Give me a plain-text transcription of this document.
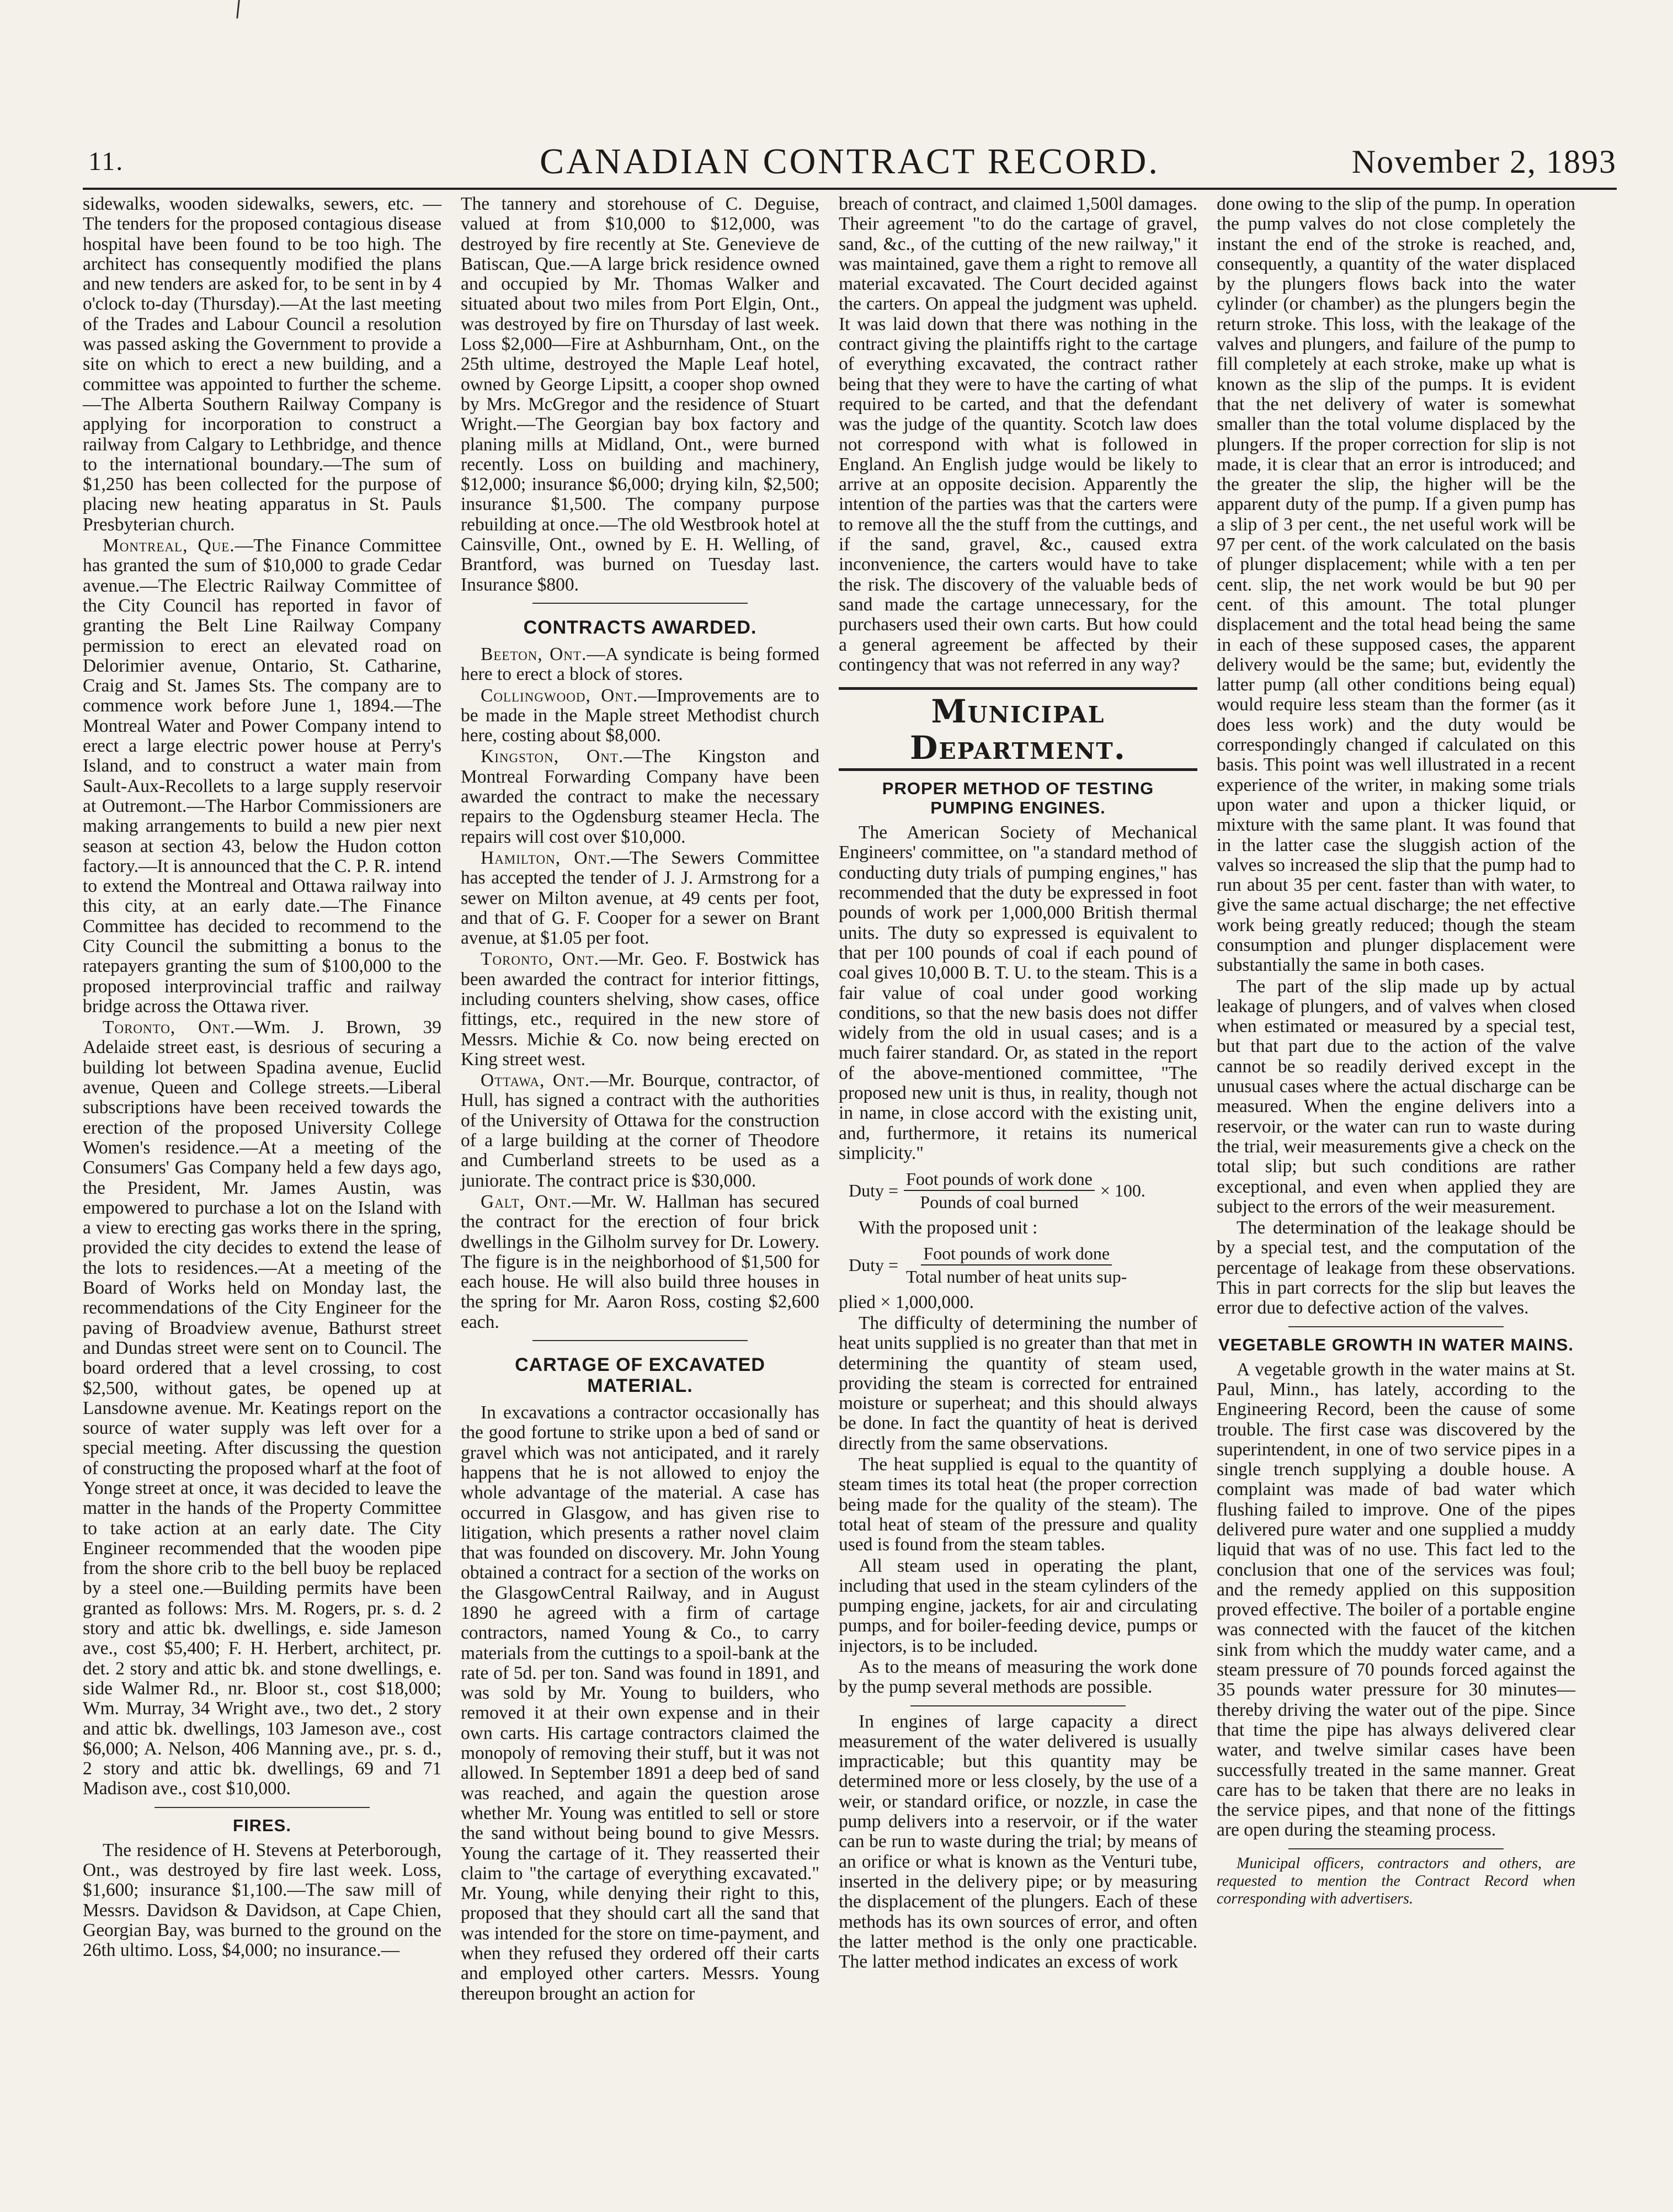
11.	CANADIAN CONTRACT RECORD.	November 2, 1893

sidewalks, wooden sidewalks, sewers, etc. —The tenders for the proposed contagious disease hospital have been found to be too high. The architect has consequently modified the plans and new tenders are asked for, to be sent in by 4 o'clock to-day (Thursday).—At the last meeting of the Trades and Labour Council a resolution was passed asking the Government to provide a site on which to erect a new building, and a committee was appointed to further the scheme.—The Alberta Southern Railway Company is applying for incorporation to construct a railway from Calgary to Lethbridge, and thence to the international boundary.—The sum of $1,250 has been collected for the purpose of placing new heating apparatus in St. Pauls Presbyterian church.

Montreal, Que.—The Finance Committee has granted the sum of $10,000 to grade Cedar avenue.—The Electric Railway Committee of the City Council has reported in favor of granting the Belt Line Railway Company permission to erect an elevated road on Delorimier avenue, Ontario, St. Catharine, Craig and St. James Sts. The company are to commence work before June 1, 1894.—The Montreal Water and Power Company intend to erect a large electric power house at Perry's Island, and to construct a water main from Sault-Aux-Recollets to a large supply reservoir at Outremont.—The Harbor Commissioners are making arrangements to build a new pier next season at section 43, below the Hudon cotton factory.—It is announced that the C. P. R. intend to extend the Montreal and Ottawa railway into this city, at an early date.—The Finance Committee has decided to recommend to the City Council the submitting a bonus to the ratepayers granting the sum of $100,000 to the proposed interprovincial traffic and railway bridge across the Ottawa river.

Toronto, Ont.—Wm. J. Brown, 39 Adelaide street east, is desrious of securing a building lot between Spadina avenue, Euclid avenue, Queen and College streets.—Liberal subscriptions have been received towards the erection of the proposed University College Women's residence.—At a meeting of the Consumers' Gas Company held a few days ago, the President, Mr. James Austin, was empowered to purchase a lot on the Island with a view to erecting gas works there in the spring, provided the city decides to extend the lease of the lots to residences.—At a meeting of the Board of Works held on Monday last, the recommendations of the City Engineer for the paving of Broadview avenue, Bathurst street and Dundas street were sent on to Council. The board ordered that a level crossing, to cost $2,500, without gates, be opened up at Lansdowne avenue. Mr. Keatings report on the source of water supply was left over for a special meeting. After discussing the question of constructing the proposed wharf at the foot of Yonge street at once, it was decided to leave the matter in the hands of the Property Committee to take action at an early date. The City Engineer recommended that the wooden pipe from the shore crib to the bell buoy be replaced by a steel one.—Building permits have been granted as follows: Mrs. M. Rogers, pr. s. d. 2 story and attic bk. dwellings, e. side Jameson ave., cost $5,400; F. H. Herbert, architect, pr. det. 2 story and attic bk. and stone dwellings, e. side Walmer Rd., nr. Bloor st., cost $18,000; Wm. Murray, 34 Wright ave., two det., 2 story and attic bk. dwellings, 103 Jameson ave., cost $6,000; A. Nelson, 406 Manning ave., pr. s. d., 2 story and attic bk. dwellings, 69 and 71 Madison ave., cost $10,000.

FIRES.

The residence of H. Stevens at Peterborough, Ont., was destroyed by fire last week. Loss, $1,600; insurance $1,100.—The saw mill of Messrs. Davidson & Davidson, at Cape Chien, Georgian Bay, was burned to the ground on the 26th ultimo. Loss, $4,000; no insurance.—

The tannery and storehouse of C. Deguise, valued at from $10,000 to $12,000, was destroyed by fire recently at Ste. Genevieve de Batiscan, Que.—A large brick residence owned and occupied by Mr. Thomas Walker and situated about two miles from Port Elgin, Ont., was destroyed by fire on Thursday of last week. Loss $2,000—Fire at Ashburnham, Ont., on the 25th ultime, destroyed the Maple Leaf hotel, owned by George Lipsitt, a cooper shop owned by Mrs. McGregor and the residence of Stuart Wright.—The Georgian bay box factory and planing mills at Midland, Ont., were burned recently. Loss on building and machinery, $12,000; insurance $6,000; drying kiln, $2,500; insurance $1,500. The company purpose rebuilding at once.—The old Westbrook hotel at Cainsville, Ont., owned by E. H. Welling, of Brantford, was burned on Tuesday last. Insurance $800.

CONTRACTS AWARDED.

Beeton, Ont.—A syndicate is being formed here to erect a block of stores.

Collingwood, Ont.—Improvements are to be made in the Maple street Methodist church here, costing about $8,000.

Kingston, Ont.—The Kingston and Montreal Forwarding Company have been awarded the contract to make the necessary repairs to the Ogdensburg steamer Hecla. The repairs will cost over $10,000.

Hamilton, Ont.—The Sewers Committee has accepted the tender of J. J. Armstrong for a sewer on Milton avenue, at 49 cents per foot, and that of G. F. Cooper for a sewer on Brant avenue, at $1.05 per foot.

Toronto, Ont.—Mr. Geo. F. Bostwick has been awarded the contract for interior fittings, including counters shelving, show cases, office fittings, etc., required in the new store of Messrs. Michie & Co. now being erected on King street west.

Ottawa, Ont.—Mr. Bourque, contractor, of Hull, has signed a contract with the authorities of the University of Ottawa for the construction of a large building at the corner of Theodore and Cumberland streets to be used as a juniorate. The contract price is $30,000.

Galt, Ont.—Mr. W. Hallman has secured the contract for the erection of four brick dwellings in the Gilholm survey for Dr. Lowery. The figure is in the neighborhood of $1,500 for each house. He will also build three houses in the spring for Mr. Aaron Ross, costing $2,600 each.

CARTAGE OF EXCAVATED MATERIAL.

In excavations a contractor occasionally has the good fortune to strike upon a bed of sand or gravel which was not anticipated, and it rarely happens that he is not allowed to enjoy the whole advantage of the material. A case has occurred in Glasgow, and has given rise to litigation, which presents a rather novel claim that was founded on discovery. Mr. John Young obtained a contract for a section of the works on the GlasgowCentral Railway, and in August 1890 he agreed with a firm of cartage contractors, named Young & Co., to carry materials from the cuttings to a spoil-bank at the rate of 5d. per ton. Sand was found in 1891, and was sold by Mr. Young to builders, who removed it at their own expense and in their own carts. His cartage contractors claimed the monopoly of removing their stuff, but it was not allowed. In September 1891 a deep bed of sand was reached, and again the question arose whether Mr. Young was entitled to sell or store the sand without being bound to give Messrs. Young the cartage of it. They reasserted their claim to "the cartage of everything excavated." Mr. Young, while denying their right to this, proposed that they should cart all the sand that was intended for the store on time-payment, and when they refused they ordered off their carts and employed other carters. Messrs. Young thereupon brought an action for

breach of contract, and claimed 1,500l damages. Their agreement "to do the cartage of gravel, sand, &c., of the cutting of the new railway," it was maintained, gave them a right to remove all material excavated. The Court decided against the carters. On appeal the judgment was upheld. It was laid down that there was nothing in the contract giving the plaintiffs right to the cartage of everything excavated, the contract rather being that they were to have the carting of what required to be carted, and that the defendant was the judge of the quantity. Scotch law does not correspond with what is followed in England. An English judge would be likely to arrive at an opposite decision. Apparently the intention of the parties was that the carters were to remove all the the stuff from the cuttings, and if the sand, gravel, &c., caused extra inconvenience, the carters would have to take the risk. The discovery of the valuable beds of sand made the cartage unnecessary, for the purchasers used their own carts. But how could a general agreement be affected by their contingency that was not referred in any way?

Municipal Department.
PROPER METHOD OF TESTING PUMPING ENGINES.

The American Society of Mechanical Engineers' committee, on "a standard method of conducting duty trials of pumping engines," has recommended that the duty be expressed in foot pounds of work per 1,000,000 British thermal units. The duty so expressed is equivalent to that per 100 pounds of coal if each pound of coal gives 10,000 B. T. U. to the steam. This is a fair value of coal under good working conditions, so that the new basis does not differ widely from the old in usual cases; and is a much fairer standard. Or, as stated in the report of the above-mentioned committee, "The proposed new unit is thus, in reality, though not in name, in close accord with the existing unit, and, furthermore, it retains its numerical simplicity."

Duty = $\frac{\text{Foot pounds of work done}}{\text{Pounds of coal burned}} \times 100$.

With the proposed unit :

Duty = $\frac{\text{Foot pounds of work done}}{\text{Total number of heat units sup-}}$

plied × 1,000,000.

The difficulty of determining the number of heat units supplied is no greater than that met in determining the quantity of steam used, providing the steam is corrected for entrained moisture or superheat; and this should always be done. In fact the quantity of heat is derived directly from the same observations.

The heat supplied is equal to the quantity of steam times its total heat (the proper correction being made for the quality of the steam). The total heat of steam of the pressure and quality used is found from the steam tables.

All steam used in operating the plant, including that used in the steam cylinders of the pumping engine, jackets, for air and circulating pumps, and for boiler-feeding device, pumps or injectors, is to be included.

As to the means of measuring the work done by the pump several methods are possible.

In engines of large capacity a direct measurement of the water delivered is usually impracticable; but this quantity may be determined more or less closely, by the use of a weir, or standard orifice, or nozzle, in case the pump delivers into a reservoir, or if the water can be run to waste during the trial; by means of an orifice or what is known as the Venturi tube, inserted in the delivery pipe; or by measuring the displacement of the plungers. Each of these methods has its own sources of error, and often the latter method is the only one practicable. The latter method indicates an excess of work

done owing to the slip of the pump. In operation the pump valves do not close completely the instant the end of the stroke is reached, and, consequently, a quantity of the water displaced by the plungers flows back into the water cylinder (or chamber) as the plungers begin the return stroke. This loss, with the leakage of the valves and plungers, and failure of the pump to fill completely at each stroke, make up what is known as the slip of the pumps. It is evident that the net delivery of water is somewhat smaller than the total volume displaced by the plungers. If the proper correction for slip is not made, it is clear that an error is introduced; and the greater the slip, the higher will be the apparent duty of the pump. If a given pump has a slip of 3 per cent., the net useful work will be 97 per cent. of the work calculated on the basis of plunger displacement; while with a ten per cent. slip, the net work would be but 90 per cent. of this amount. The total plunger displacement and the total head being the same in each of these supposed cases, the apparent delivery would be the same; but, evidently the latter pump (all other conditions being equal) would require less steam than the former (as it does less work) and the duty would be correspondingly changed if calculated on this basis. This point was well illustrated in a recent experience of the writer, in making some trials upon water and upon a thicker liquid, or mixture with the same plant. It was found that in the latter case the sluggish action of the valves so increased the slip that the pump had to run about 35 per cent. faster than with water, to give the same actual discharge; the net effective work being greatly reduced; though the steam consumption and plunger displacement were substantially the same in both cases.

The part of the slip made up by actual leakage of plungers, and of valves when closed when estimated or measured by a special test, but that part due to the action of the valve cannot be so readily derived except in the unusual cases where the actual discharge can be measured. When the engine delivers into a reservoir, or the water can run to waste during the trial, weir measurements give a check on the total slip; but such conditions are rather exceptional, and even when applied they are subject to the errors of the weir measurement.

The determination of the leakage should be by a special test, and the computation of the percentage of leakage from these observations. This in part corrects for the slip but leaves the error due to defective action of the valves.

VEGETABLE GROWTH IN WATER MAINS.

A vegetable growth in the water mains at St. Paul, Minn., has lately, according to the Engineering Record, been the cause of some trouble. The first case was discovered by the superintendent, in one of two service pipes in a single trench supplying a double house. A complaint was made of bad water which flushing failed to improve. One of the pipes delivered pure water and one supplied a muddy liquid that was of no use. This fact led to the conclusion that one of the services was foul; and the remedy applied on this supposition proved effective. The boiler of a portable engine was connected with the faucet of the kitchen sink from which the muddy water came, and a steam pressure of 70 pounds forced against the 35 pounds water pressure for 30 minutes—thereby driving the water out of the pipe. Since that time the pipe has always delivered clear water, and twelve similar cases have been successfully treated in the same manner. Great care has to be taken that there are no leaks in the service pipes, and that none of the fittings are open during the steaming process.

Municipal officers, contractors and others, are requested to mention the Contract Record when corresponding with advertisers.
